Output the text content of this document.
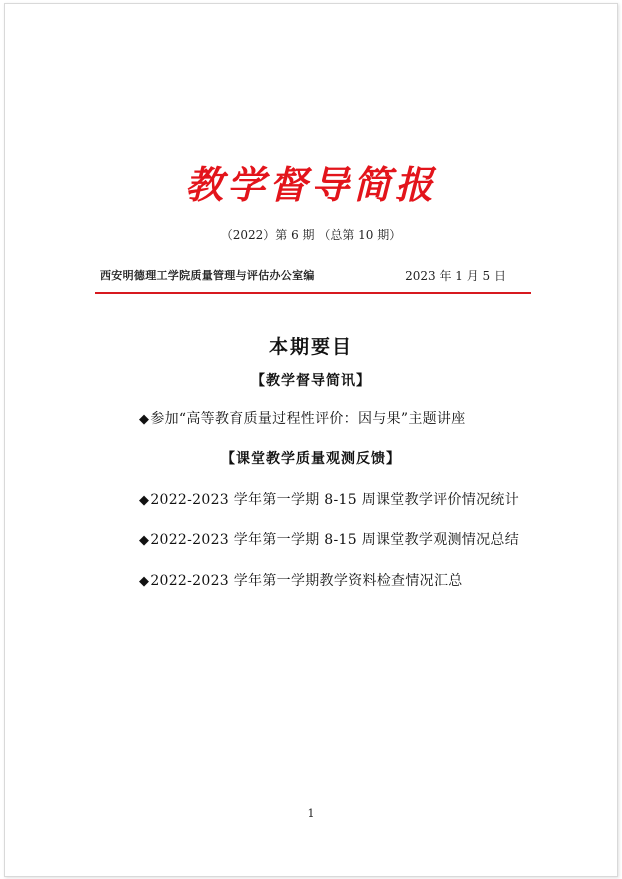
教学督导简报
（2022）第 6 期 （总第 10 期）
西安明德理工学院质量管理与评估办公室编	2023 年 1 月 5 日
本期要目
【教学督导简讯】
◆参加“高等教育质量过程性评价：因与果”主题讲座
【课堂教学质量观测反馈】
◆2022-2023 学年第一学期 8-15 周课堂教学评价情况统计
◆2022-2023 学年第一学期 8-15 周课堂教学观测情况总结
◆2022-2023 学年第一学期教学资料检查情况汇总
1
